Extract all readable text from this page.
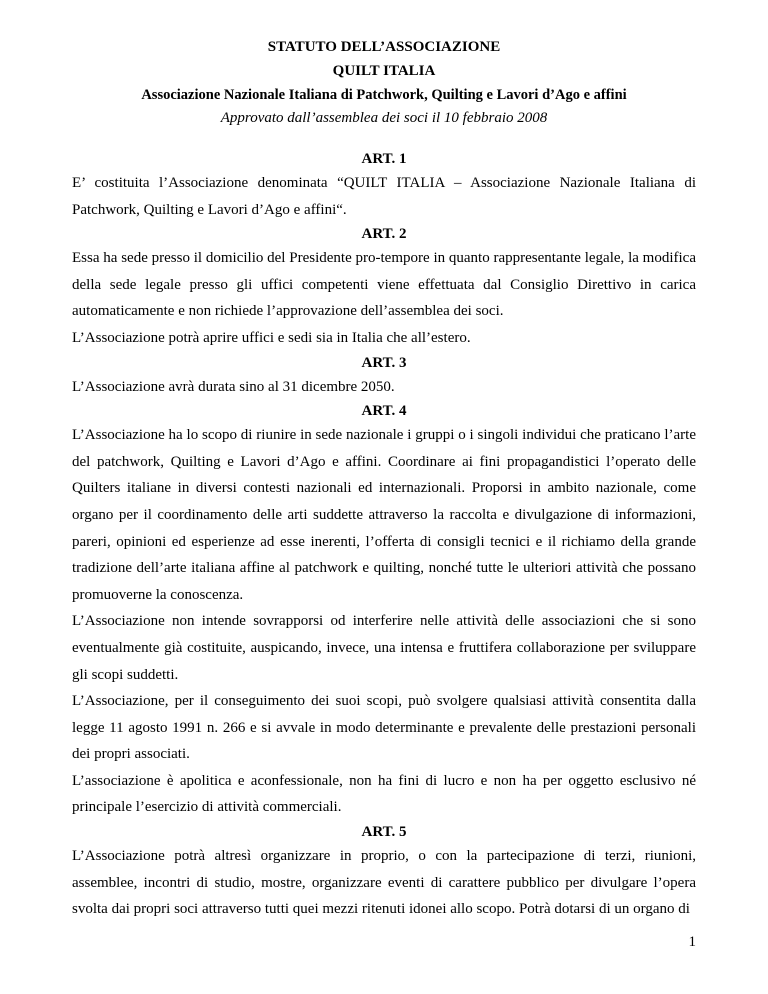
STATUTO DELL’ASSOCIAZIONE
QUILT ITALIA
Associazione Nazionale Italiana di Patchwork, Quilting e Lavori d’Ago e affini
Approvato dall’assemblea dei soci il 10 febbraio 2008

ART. 1

E’ costituita l’Associazione denominata “QUILT ITALIA – Associazione Nazionale Italiana di Patchwork, Quilting e Lavori d’Ago e affini“.

ART. 2

Essa ha sede presso il domicilio del Presidente pro-tempore in quanto rappresentante legale, la modifica della sede legale presso gli uffici competenti viene effettuata dal Consiglio Direttivo in carica automaticamente e non richiede l’approvazione dell’assemblea dei soci.

L’Associazione potrà aprire uffici e sedi sia in Italia che all’estero.

ART. 3

L’Associazione avrà durata sino al 31 dicembre 2050.

ART. 4

L’Associazione ha lo scopo di riunire in sede nazionale i gruppi o i singoli individui che praticano l’arte del patchwork, Quilting e Lavori d’Ago e affini. Coordinare ai fini propagandistici l’operato delle Quilters italiane in diversi contesti nazionali ed internazionali. Proporsi in ambito nazionale, come organo per il coordinamento delle arti suddette attraverso la raccolta e divulgazione di informazioni, pareri, opinioni ed esperienze ad esse inerenti, l’offerta di consigli tecnici e il richiamo della grande tradizione dell’arte italiana affine al patchwork e quilting, nonché tutte le ulteriori attività che possano promuoverne la conoscenza.

L’Associazione non intende sovrapporsi od interferire nelle attività delle associazioni che si sono eventualmente già costituite, auspicando, invece, una intensa e fruttifera collaborazione per sviluppare gli scopi suddetti.

L’Associazione, per il conseguimento dei suoi scopi, può svolgere qualsiasi attività consentita dalla legge 11 agosto 1991 n. 266 e si avvale in modo determinante e prevalente delle prestazioni personali dei propri associati.

L’associazione è apolitica e aconfessionale, non ha fini di lucro e non ha per oggetto esclusivo né principale l’esercizio di attività commerciali.

ART. 5

L’Associazione potrà altresì organizzare in proprio, o con la partecipazione di terzi, riunioni, assemblee, incontri di studio, mostre, organizzare eventi di carattere pubblico per divulgare l’opera svolta dai propri soci attraverso tutti quei mezzi ritenuti idonei allo scopo. Potrà dotarsi di un organo di

1
